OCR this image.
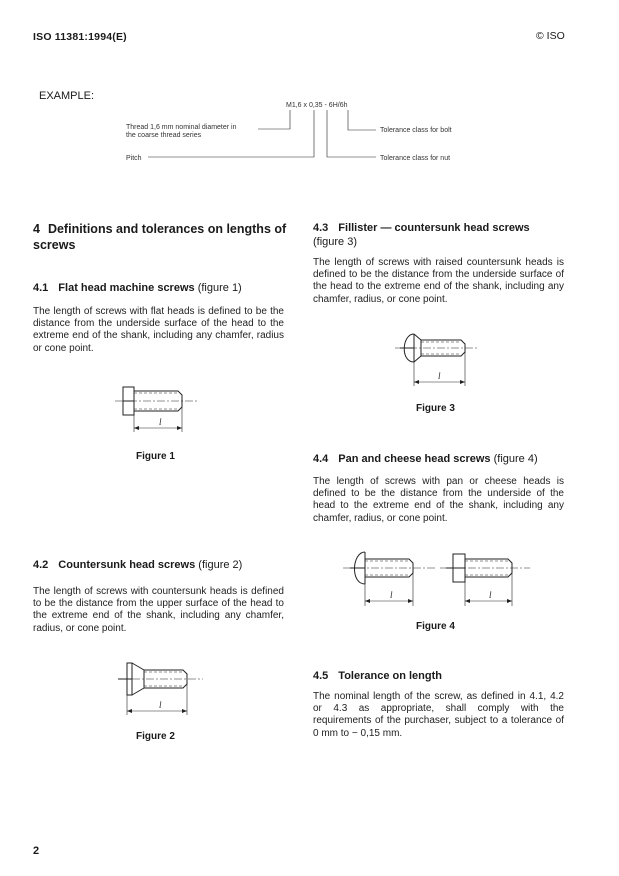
ISO 11381:1994(E)	© ISO
EXAMPLE:
M1,6 x 0,35 - 6H/6h
Thread 1,6 mm nominal diameter in
the coarse thread series
Pitch
Tolerance class for bolt
Tolerance class for nut
4 Definitions and tolerances on lengths of screws
4.1 Flat head machine screws (figure 1)
The length of screws with flat heads is defined to be the distance from the underside surface of the head to the extreme end of the shank, including any chamfer, radius or cone point.
l
Figure 1
4.2 Countersunk head screws (figure 2)
The length of screws with countersunk heads is defined to be the distance from the upper surface of the head to the extreme end of the shank, including any chamfer, radius, or cone point.
l
Figure 2
4.3 Fillister — countersunk head screws
(figure 3)
The length of screws with raised countersunk heads is defined to be the distance from the underside surface of the head to the extreme end of the shank, including any chamfer, radius, or cone point.
l
Figure 3
4.4 Pan and cheese head screws (figure 4)
The length of screws with pan or cheese heads is defined to be the distance from the underside of the head to the extreme end of the shank, including any chamfer, radius, or cone point.
l	l
Figure 4
4.5 Tolerance on length
The nominal length of the screw, as defined in 4.1, 4.2 or 4.3 as appropriate, shall comply with the requirements of the purchaser, subject to a tolerance of 0 mm to − 0,15 mm.
2
